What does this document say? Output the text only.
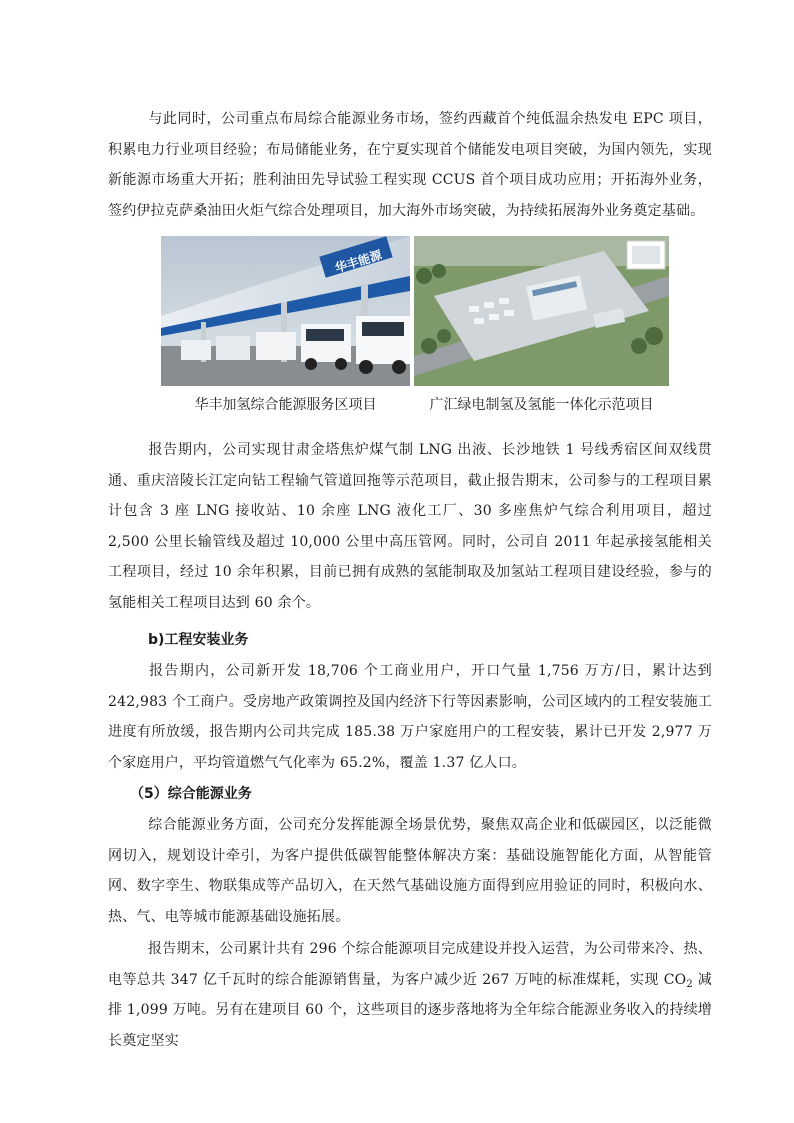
与此同时，公司重点布局综合能源业务市场，签约西藏首个纯低温余热发电 EPC 项目，积累电力行业项目经验；布局储能业务，在宁夏实现首个储能发电项目突破，为国内领先，实现新能源市场重大开拓；胜利油田先导试验工程实现 CCUS 首个项目成功应用；开拓海外业务，签约伊拉克萨桑油田火炬气综合处理项目，加大海外市场突破，为持续拓展海外业务奠定基础。

华丰能源
华丰加氢综合能源服务区项目	广汇绿电制氢及氢能一体化示范项目

报告期内，公司实现甘肃金塔焦炉煤气制 LNG 出液、长沙地铁 1 号线秀宿区间双线贯通、重庆涪陵长江定向钻工程输气管道回拖等示范项目，截止报告期末，公司参与的工程项目累计包含 3 座 LNG 接收站、10 余座 LNG 液化工厂、30 多座焦炉气综合利用项目，超过 2,500 公里长输管线及超过 10,000 公里中高压管网。同时，公司自 2011 年起承接氢能相关工程项目，经过 10 余年积累，目前已拥有成熟的氢能制取及加氢站工程项目建设经验，参与的氢能相关工程项目达到 60 余个。

b)工程安装业务

报告期内，公司新开发 18,706 个工商业用户，开口气量 1,756 万方/日，累计达到 242,983 个工商户。受房地产政策调控及国内经济下行等因素影响，公司区域内的工程安装施工进度有所放缓，报告期内公司共完成 185.38 万户家庭用户的工程安装，累计已开发 2,977 万个家庭用户，平均管道燃气气化率为 65.2%，覆盖 1.37 亿人口。

（5）综合能源业务

综合能源业务方面，公司充分发挥能源全场景优势，聚焦双高企业和低碳园区，以泛能微网切入，规划设计牵引，为客户提供低碳智能整体解决方案：基础设施智能化方面，从智能管网、数字孪生、物联集成等产品切入，在天然气基础设施方面得到应用验证的同时，积极向水、热、气、电等城市能源基础设施拓展。

报告期末，公司累计共有 296 个综合能源项目完成建设并投入运营，为公司带来冷、热、电等总共 347 亿千瓦时的综合能源销售量，为客户减少近 267 万吨的标准煤耗，实现 $CO_2$ 减排 1,099 万吨。另有在建项目 60 个，这些项目的逐步落地将为全年综合能源业务收入的持续增长奠定坚实
